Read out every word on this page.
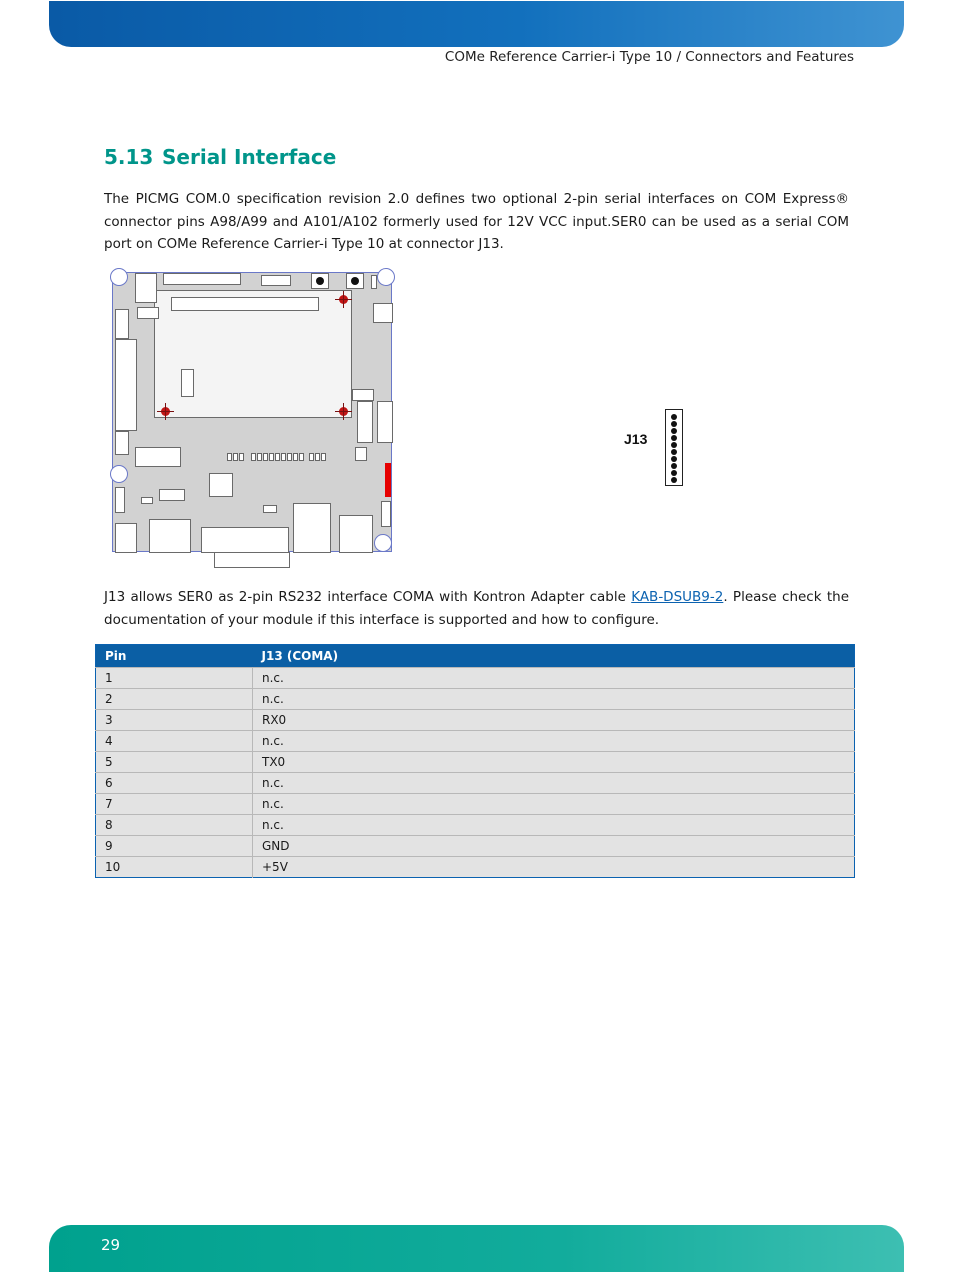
COMe Reference Carrier-i Type 10 / Connectors and Features
5.13 Serial Interface
The PICMG COM.0 specification revision 2.0 defines two optional 2-pin serial interfaces on COM Express® connector pins A98/A99 and A101/A102 formerly used for 12V VCC input.SER0 can be used as a serial COM port on COMe Reference Carrier-i Type 10 at connector J13.
J13
J13 allows SER0 as 2-pin RS232 interface COMA with Kontron Adapter cable KAB-DSUB9-2. Please check the documentation of your module if this interface is supported and how to configure.
Pin	J13 (COMA)
1	n.c.
2	n.c.
3	RX0
4	n.c.
5	TX0
6	n.c.
7	n.c.
8	n.c.
9	GND
10	+5V
29
